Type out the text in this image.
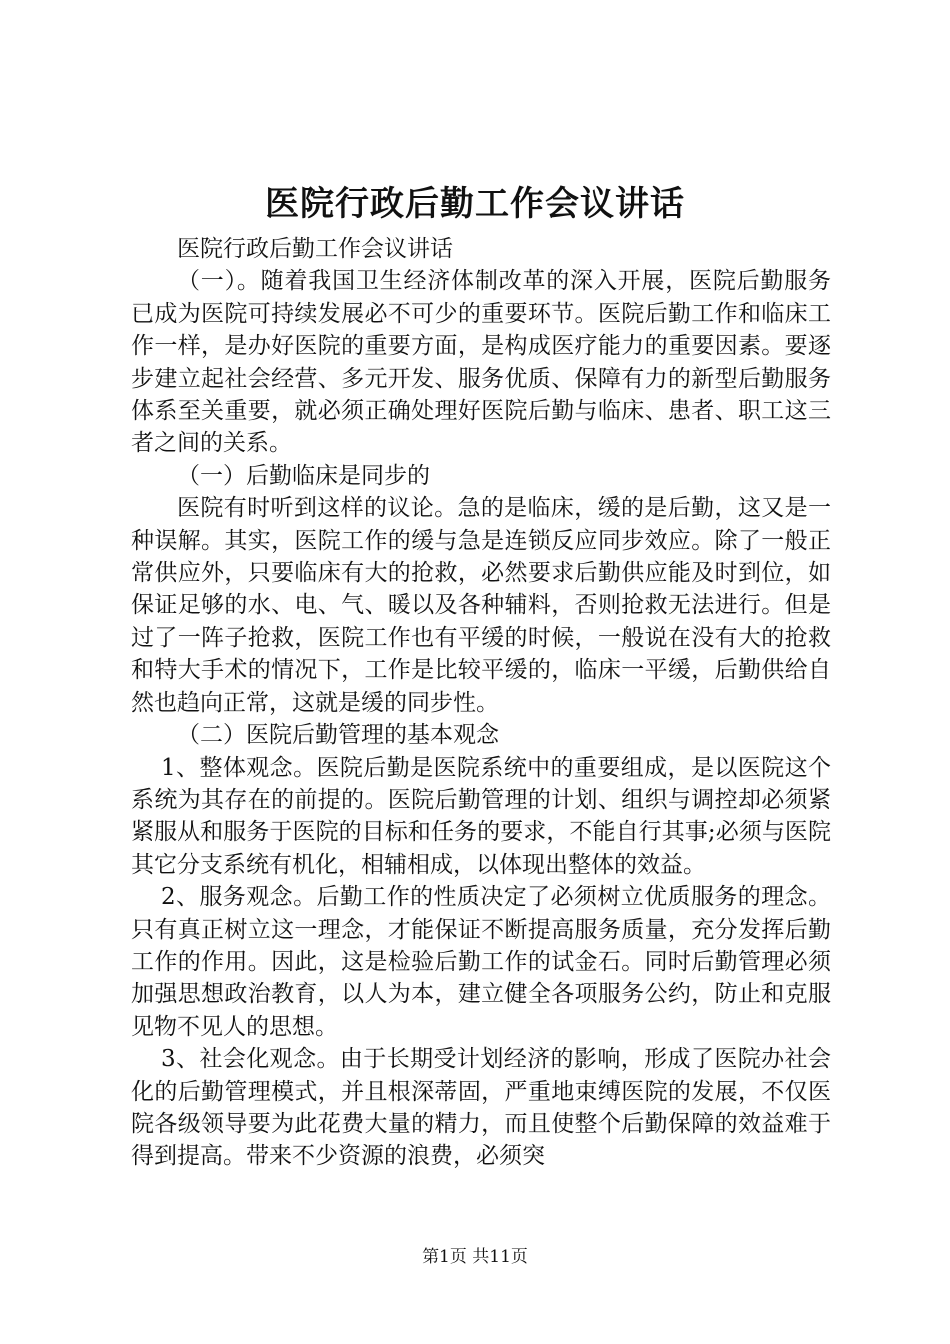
医院行政后勤工作会议讲话

医院行政后勤工作会议讲话

（一）。随着我国卫生经济体制改革的深入开展，医院后勤服务已成为医院可持续发展必不可少的重要环节。医院后勤工作和临床工作一样，是办好医院的重要方面，是构成医疗能力的重要因素。要逐步建立起社会经营、多元开发、服务优质、保障有力的新型后勤服务体系至关重要，就必须正确处理好医院后勤与临床、患者、职工这三者之间的关系。

（一）后勤临床是同步的

医院有时听到这样的议论。急的是临床，缓的是后勤，这又是一种误解。其实，医院工作的缓与急是连锁反应同步效应。除了一般正常供应外，只要临床有大的抢救，必然要求后勤供应能及时到位，如保证足够的水、电、气、暖以及各种辅料，否则抢救无法进行。但是过了一阵子抢救，医院工作也有平缓的时候，一般说在没有大的抢救和特大手术的情况下，工作是比较平缓的，临床一平缓，后勤供给自然也趋向正常，这就是缓的同步性。

（二）医院后勤管理的基本观念

1、整体观念。医院后勤是医院系统中的重要组成，是以医院这个系统为其存在的前提的。医院后勤管理的计划、组织与调控却必须紧紧服从和服务于医院的目标和任务的要求，不能自行其事;必须与医院其它分支系统有机化，相辅相成，以体现出整体的效益。

2、服务观念。后勤工作的性质决定了必须树立优质服务的理念。只有真正树立这一理念，才能保证不断提高服务质量，充分发挥后勤工作的作用。因此，这是检验后勤工作的试金石。同时后勤管理必须加强思想政治教育，以人为本，建立健全各项服务公约，防止和克服见物不见人的思想。

3、社会化观念。由于长期受计划经济的影响，形成了医院办社会化的后勤管理模式，并且根深蒂固，严重地束缚医院的发展，不仅医院各级领导要为此花费大量的精力，而且使整个后勤保障的效益难于得到提高。带来不少资源的浪费，必须突

第1页 共11页
